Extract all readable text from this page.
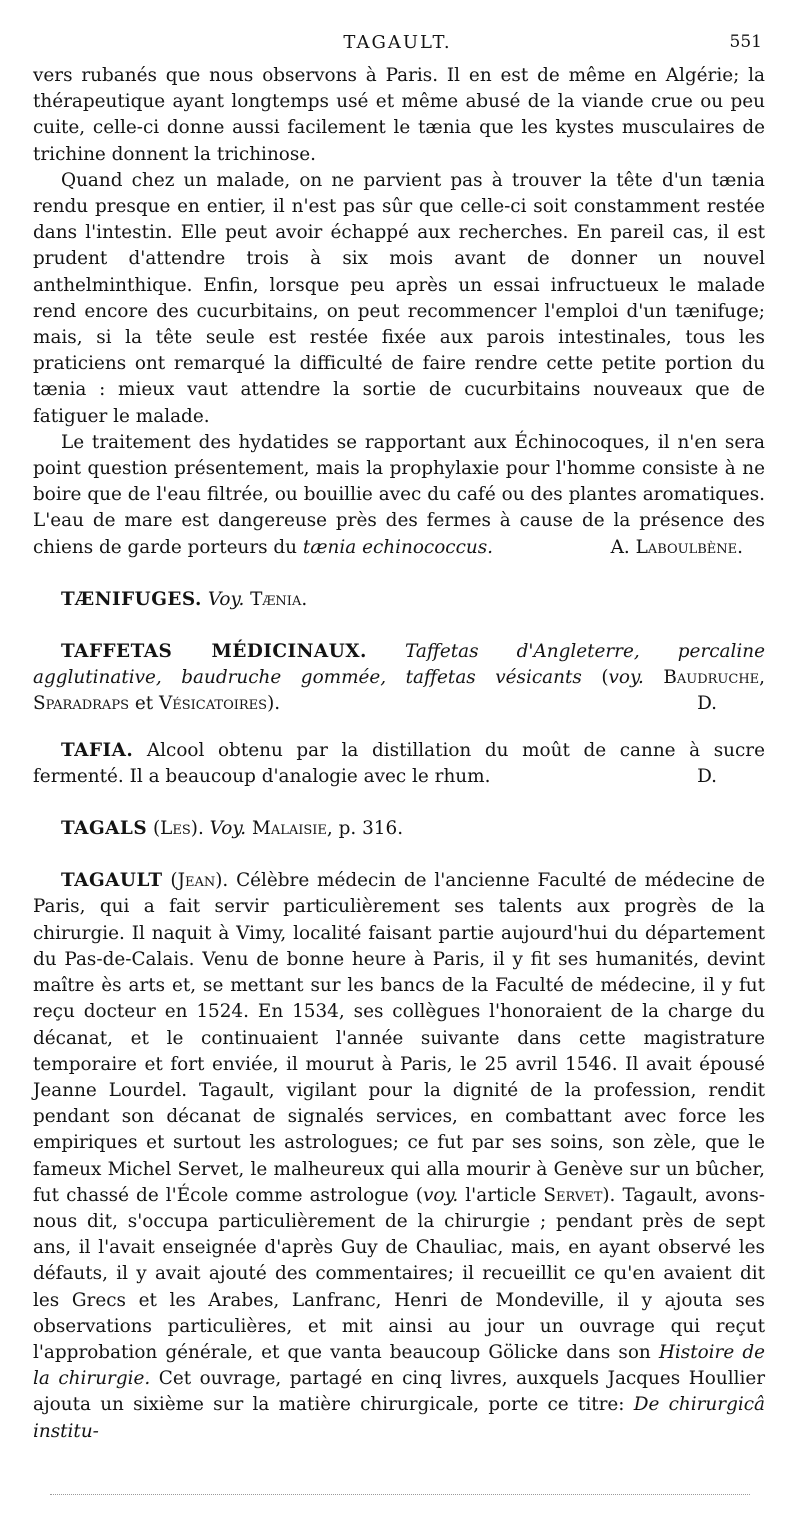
TAGAULT.	551

vers rubanés que nous observons à Paris. Il en est de même en Algérie; la thérapeutique ayant longtemps usé et même abusé de la viande crue ou peu cuite, celle-ci donne aussi facilement le tænia que les kystes musculaires de trichine donnent la trichinose.

Quand chez un malade, on ne parvient pas à trouver la tête d'un tænia rendu presque en entier, il n'est pas sûr que celle-ci soit constamment restée dans l'intestin. Elle peut avoir échappé aux recherches. En pareil cas, il est prudent d'attendre trois à six mois avant de donner un nouvel anthelminthique. Enfin, lorsque peu après un essai infructueux le malade rend encore des cucurbitains, on peut recommencer l'emploi d'un tænifuge; mais, si la tête seule est restée fixée aux parois intestinales, tous les praticiens ont remarqué la difficulté de faire rendre cette petite portion du tænia : mieux vaut attendre la sortie de cucurbitains nouveaux que de fatiguer le malade.

Le traitement des hydatides se rapportant aux Échinocoques, il n'en sera point question présentement, mais la prophylaxie pour l'homme consiste à ne boire que de l'eau filtrée, ou bouillie avec du café ou des plantes aromatiques. L'eau de mare est dangereuse près des fermes à cause de la présence des chiens de garde porteurs du tænia echinococcus.	A. Laboulbène.

TÆNIFUGES. Voy. Tænia.

TAFFETAS MÉDICINAUX. Taffetas d'Angleterre, percaline agglutinative, baudruche gommée, taffetas vésicants (voy. Baudruche, Sparadraps et Vésicatoires).	D.

TAFIA. Alcool obtenu par la distillation du moût de canne à sucre fermenté. Il a beaucoup d'analogie avec le rhum.	D.

TAGALS (Les). Voy. Malaisie, p. 316.

TAGAULT (Jean). Célèbre médecin de l'ancienne Faculté de médecine de Paris, qui a fait servir particulièrement ses talents aux progrès de la chirurgie. Il naquit à Vimy, localité faisant partie aujourd'hui du département du Pas-de-Calais. Venu de bonne heure à Paris, il y fit ses humanités, devint maître ès arts et, se mettant sur les bancs de la Faculté de médecine, il y fut reçu docteur en 1524. En 1534, ses collègues l'honoraient de la charge du décanat, et le continuaient l'année suivante dans cette magistrature temporaire et fort enviée, il mourut à Paris, le 25 avril 1546. Il avait épousé Jeanne Lourdel. Tagault, vigilant pour la dignité de la profession, rendit pendant son décanat de signalés services, en combattant avec force les empiriques et surtout les astrologues; ce fut par ses soins, son zèle, que le fameux Michel Servet, le malheureux qui alla mourir à Genève sur un bûcher, fut chassé de l'École comme astrologue (voy. l'article Servet). Tagault, avons-nous dit, s'occupa particulièrement de la chirurgie ; pendant près de sept ans, il l'avait enseignée d'après Guy de Chauliac, mais, en ayant observé les défauts, il y avait ajouté des commentaires; il recueillit ce qu'en avaient dit les Grecs et les Arabes, Lanfranc, Henri de Mondeville, il y ajouta ses observations particulières, et mit ainsi au jour un ouvrage qui reçut l'approbation générale, et que vanta beaucoup Gölicke dans son Histoire de la chirurgie. Cet ouvrage, partagé en cinq livres, auxquels Jacques Houllier ajouta un sixième sur la matière chirurgicale, porte ce titre: De chirurgicâ institu-
